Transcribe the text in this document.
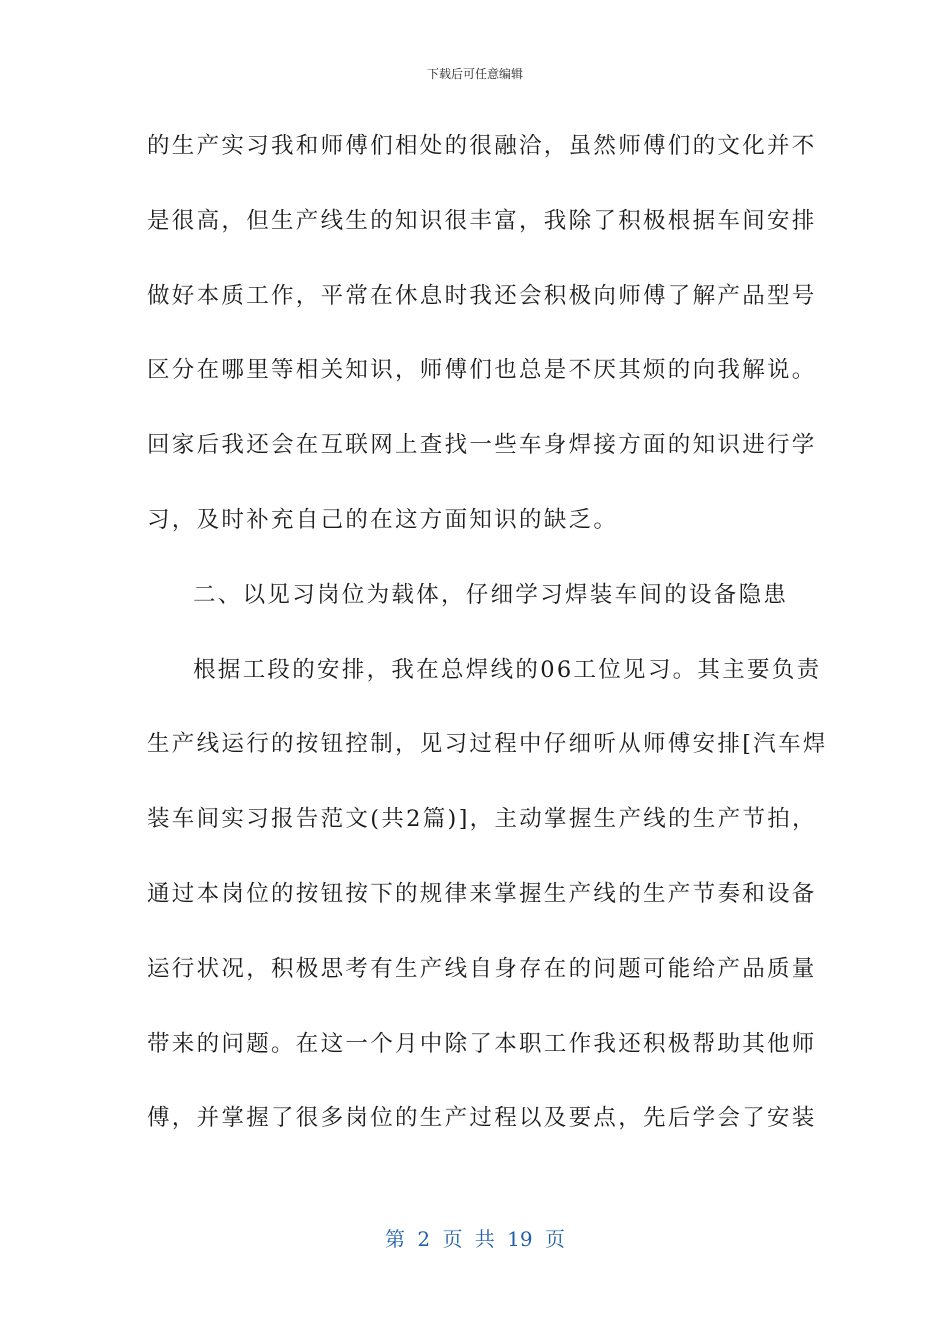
下载后可任意编辑
的生产实习我和师傅们相处的很融洽，虽然师傅们的文化并不
是很高，但生产线生的知识很丰富，我除了积极根据车间安排
做好本质工作，平常在休息时我还会积极向师傅了解产品型号
区分在哪里等相关知识，师傅们也总是不厌其烦的向我解说。
回家后我还会在互联网上查找一些车身焊接方面的知识进行学
习，及时补充自己的在这方面知识的缺乏。
二、以见习岗位为载体，仔细学习焊装车间的设备隐患
根据工段的安排，我在总焊线的06工位见习。其主要负责
生产线运行的按钮控制，见习过程中仔细听从师傅安排[汽车焊
装车间实习报告范文(共2篇)]，主动掌握生产线的生产节拍，
通过本岗位的按钮按下的规律来掌握生产线的生产节奏和设备
运行状况，积极思考有生产线自身存在的问题可能给产品质量
带来的问题。在这一个月中除了本职工作我还积极帮助其他师
傅，并掌握了很多岗位的生产过程以及要点，先后学会了安装
第 2 页 共 19 页
